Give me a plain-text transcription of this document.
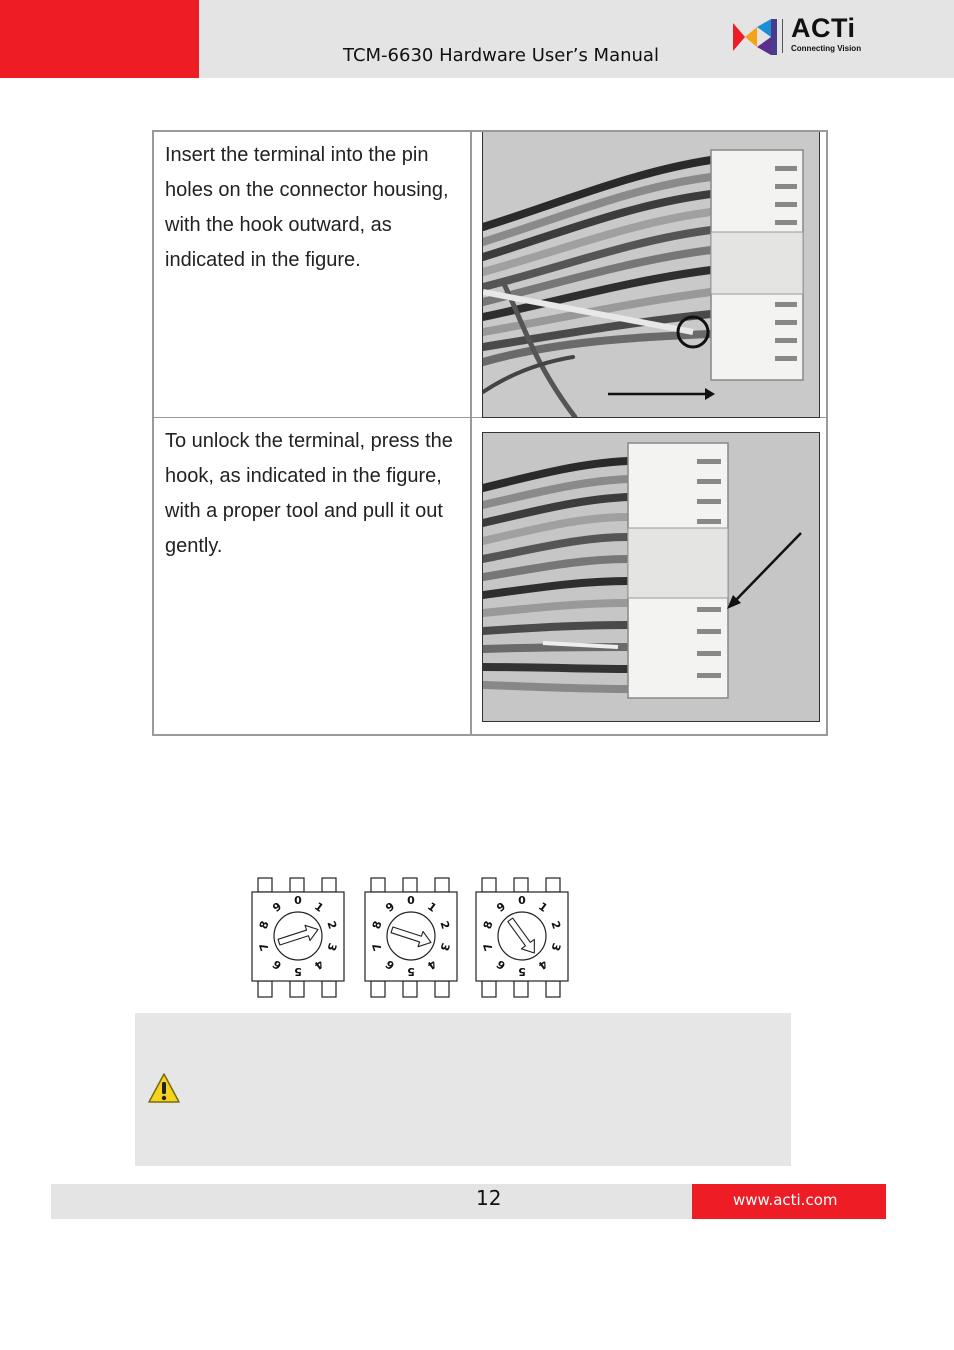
TCM-6630 Hardware User’s Manual
ACTi
Connecting Vision
Insert the terminal into the pin holes on the connector housing, with the hook outward, as indicated in the figure.
To unlock the terminal, press the hook, as indicated in the figure, with a proper tool and pull it out gently.
0 1
2
3
4
5
6
7
8
9	0 1
2
3
4
5
6
7
8
9	0 1
2
3
4
5
6
7
8
9
12	www.acti.com
